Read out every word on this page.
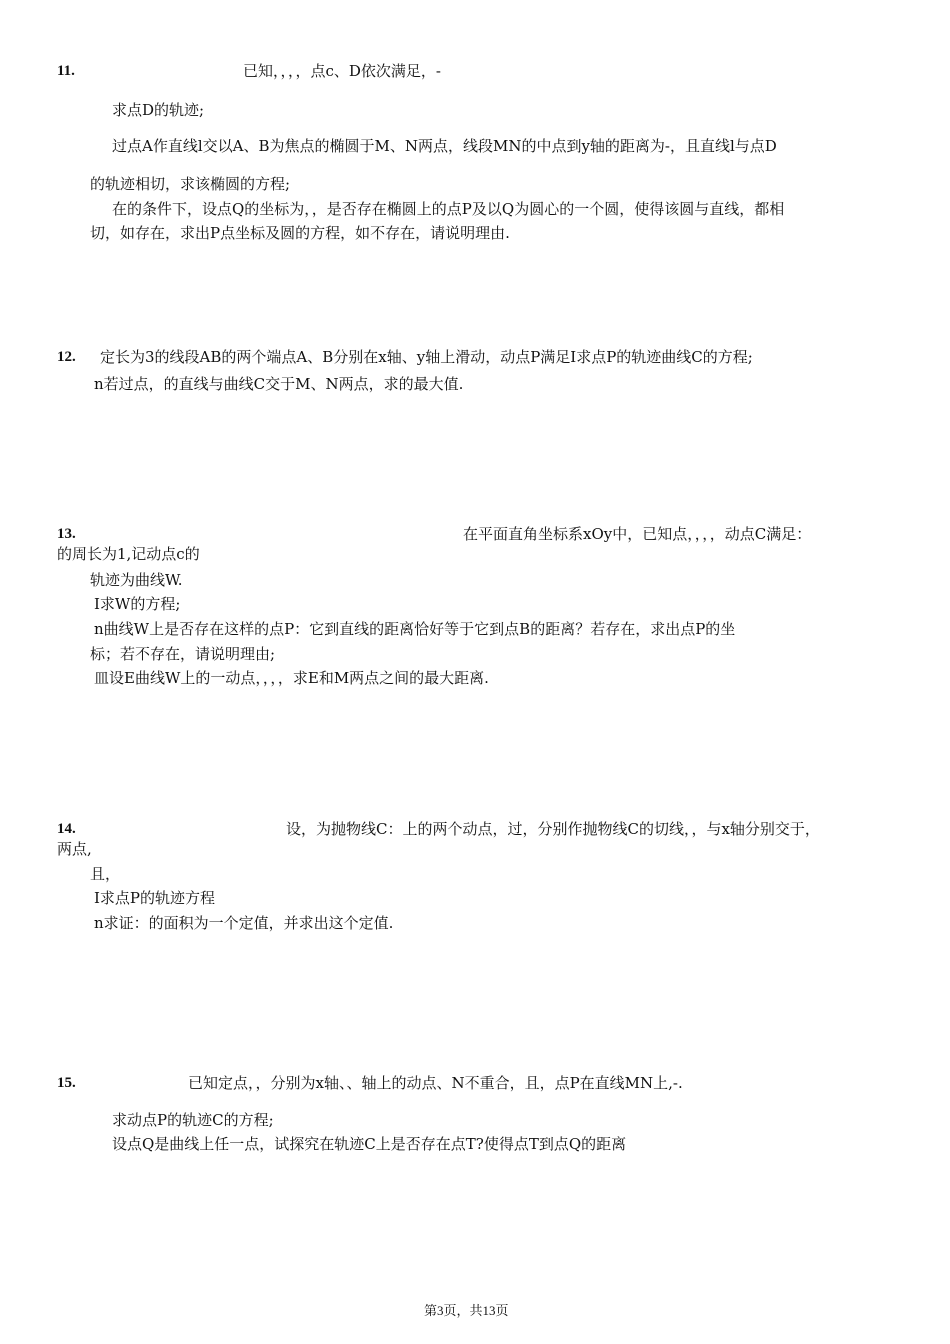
11.	已知，，，，点c、D依次满足，-
求点D的轨迹;
过点A作直线l交以A、B为焦点的椭圆于M、N两点，线段MN的中点到y轴的距离为-，且直线l与点D
的轨迹相切，求该椭圆的方程;
在的条件下，设点Q的坐标为，，是否存在椭圆上的点P及以Q为圆心的一个圆，使得该圆与直线，都相
切，如存在，求出P点坐标及圆的方程，如不存在，请说明理由.
12. 定长为3的线段AB的两个端点A、B分别在x轴、y轴上滑动，动点P满足Ⅰ求点P的轨迹曲线C的方程;
n若过点，的直线与曲线C交于M、N两点，求的最大值.
13.	在平面直角坐标系xOy中，已知点，，，，动点C满足：
的周长为1,记动点c的
轨迹为曲线W.
Ⅰ求W的方程;
n曲线W上是否存在这样的点P：它到直线的距离恰好等于它到点B的距离？若存在，求出点P的坐
标；若不存在，请说明理由;
皿设E曲线W上的一动点，，，，求E和M两点之间的最大距离.
14.	设，为抛物线C：上的两个动点，过，分别作抛物线C的切线，，与x轴分别交于，
两点,
且，
Ⅰ求点P的轨迹方程
n求证：的面积为一个定值，并求出这个定值.
15.	已知定点，，分别为x轴、、轴上的动点、N不重合，且，点P在直线MN上,-.
求动点P的轨迹C的方程;
设点Q是曲线上任一点，试探究在轨迹C上是否存在点T?使得点T到点Q的距离
第3页，共13页
